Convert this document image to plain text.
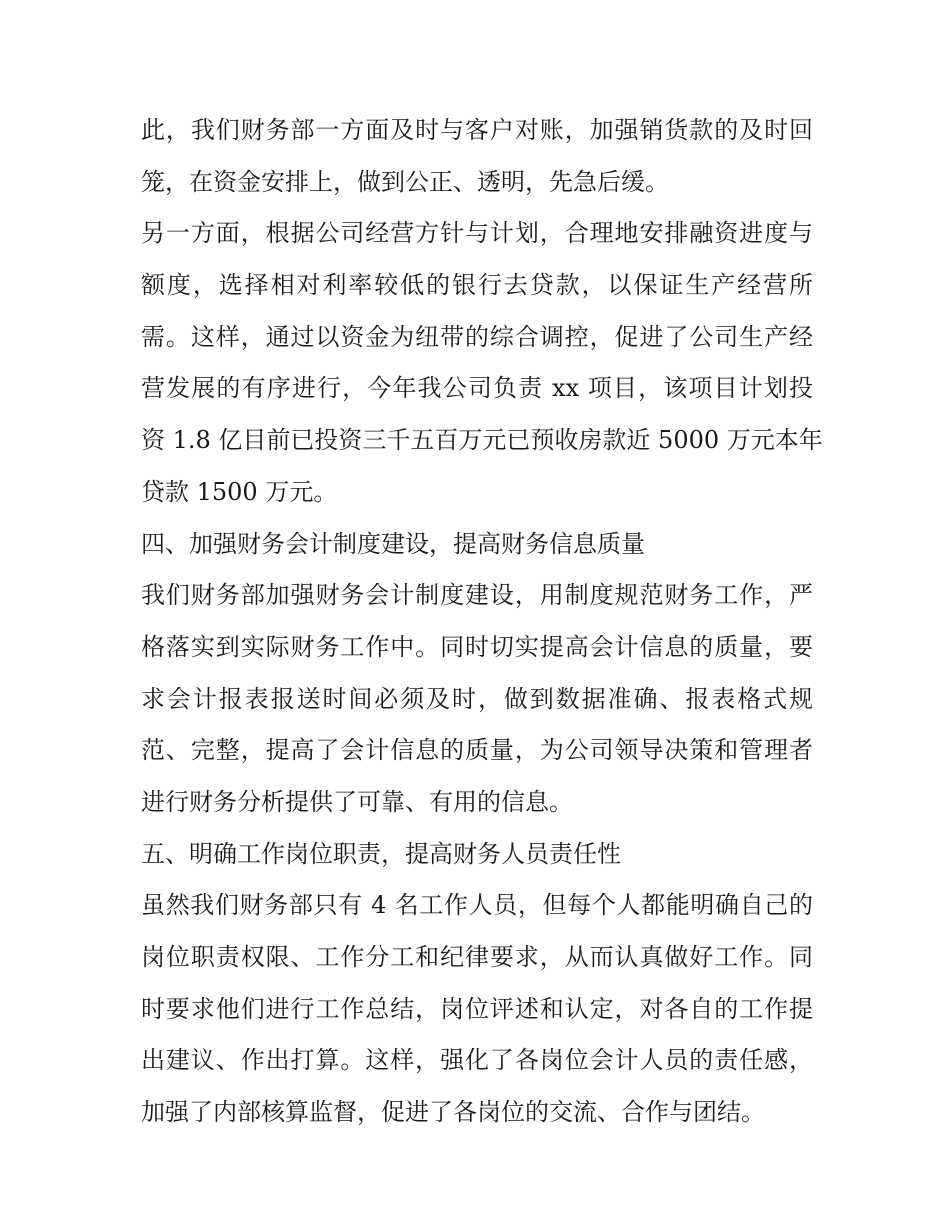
此，我们财务部一方面及时与客户对账，加强销货款的及时回
笼，在资金安排上，做到公正、透明，先急后缓。
另一方面，根据公司经营方针与计划，合理地安排融资进度与
额度，选择相对利率较低的银行去贷款，以保证生产经营所
需。这样，通过以资金为纽带的综合调控，促进了公司生产经
营发展的有序进行，今年我公司负责 xx 项目，该项目计划投
资 1.8 亿目前已投资三千五百万元已预收房款近 5000 万元本年
贷款 1500 万元。
四、加强财务会计制度建设，提高财务信息质量
我们财务部加强财务会计制度建设，用制度规范财务工作，严
格落实到实际财务工作中。同时切实提高会计信息的质量，要
求会计报表报送时间必须及时，做到数据准确、报表格式规
范、完整，提高了会计信息的质量，为公司领导决策和管理者
进行财务分析提供了可靠、有用的信息。
五、明确工作岗位职责，提高财务人员责任性
虽然我们财务部只有 4 名工作人员，但每个人都能明确自己的
岗位职责权限、工作分工和纪律要求，从而认真做好工作。同
时要求他们进行工作总结，岗位评述和认定，对各自的工作提
出建议、作出打算。这样，强化了各岗位会计人员的责任感，
加强了内部核算监督，促进了各岗位的交流、合作与团结。
